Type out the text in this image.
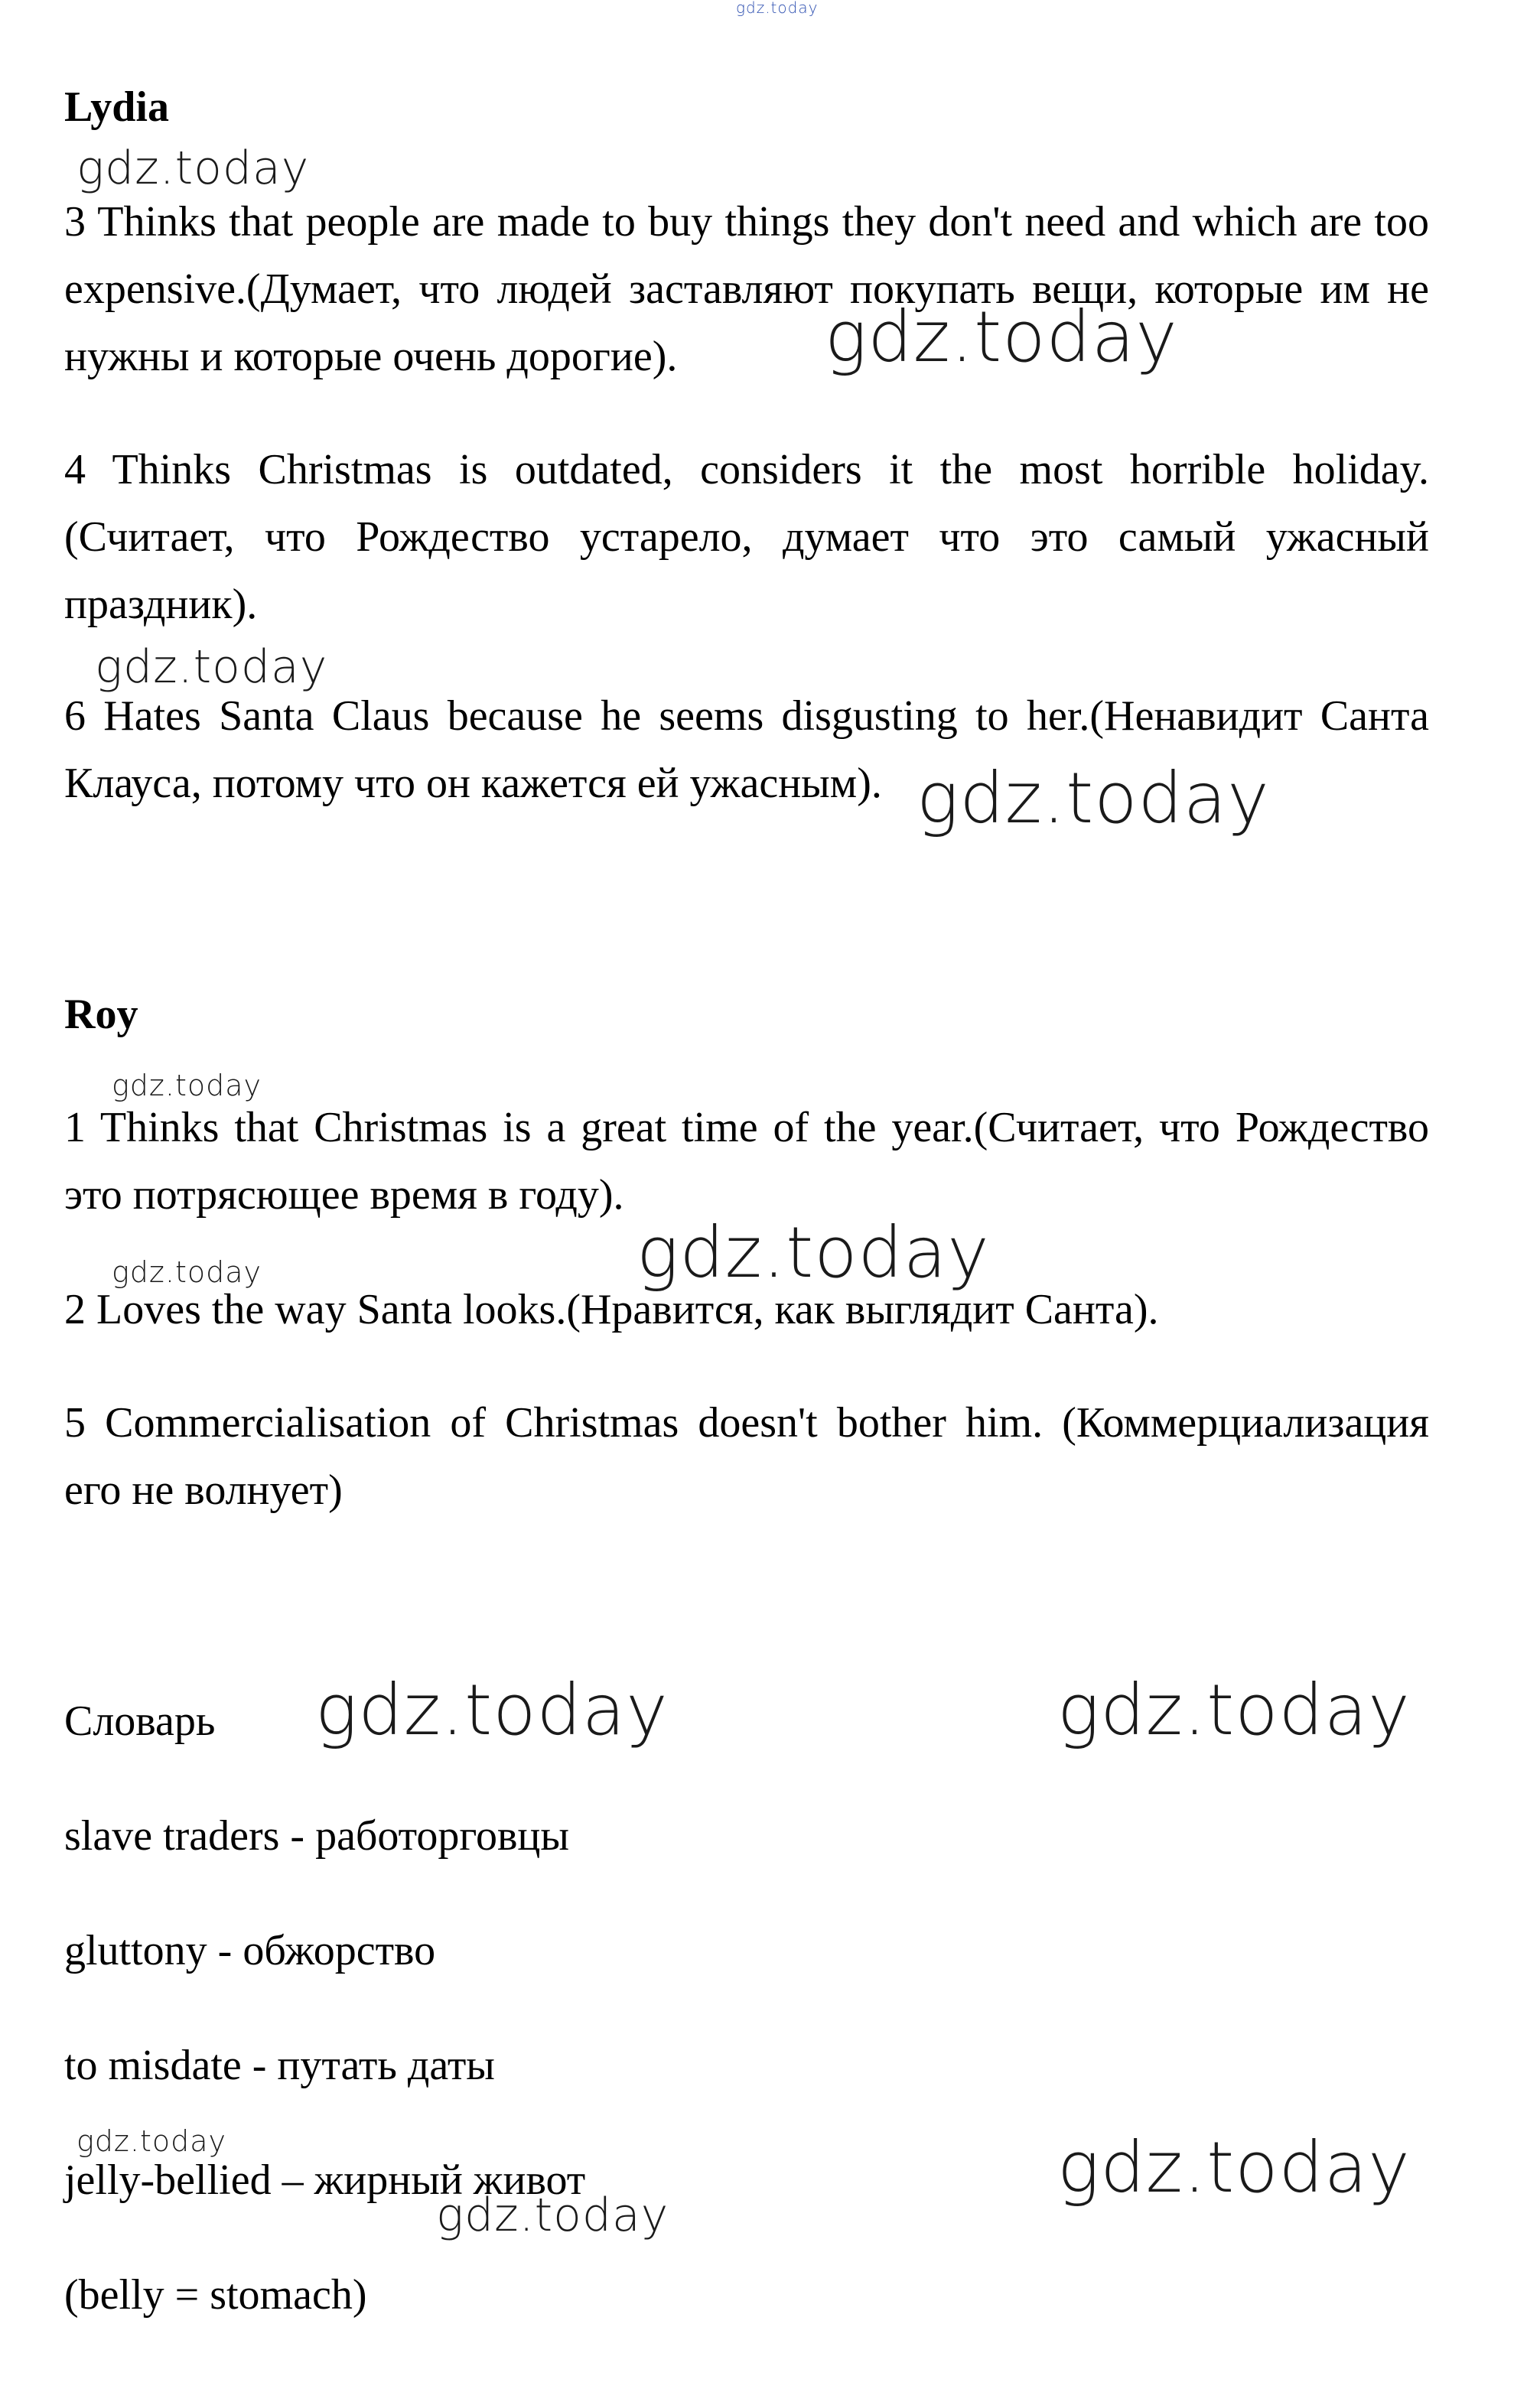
gdz.today
Lydia
gdz.today
3 Thinks that people are made to buy things they don't need and which are too expensive.(Думает, что людей заставляют покупать вещи, которые им не нужны и которые очень дорогие).	gdz.today
4 Thinks Christmas is outdated, considers it the most horrible holiday.(Считает, что Рождество устарело, думает что это самый ужасный праздник).
gdz.today
6 Hates Santa Claus because he seems disgusting to her.(Ненавидит Санта Клауса, потому что он кажется ей ужасным). gdz.today
Roy
gdz.today
1 Thinks that Christmas is a great time of the year.(Считает, что Рождество это потрясющее время в году).
gdz.today
gdz.today
2 Loves the way Santa looks.(Нравится, как выглядит Санта).
5 Commercialisation of Christmas doesn't bother him. (Коммерциализация его не волнует)
Словарь gdz.today	gdz.today
slave traders - работорговцы
gluttony - обжорство
to misdate - путать даты
gdz.today
jelly-bellied – жирный живот	gdz.today
gdz.today
(belly = stomach)
